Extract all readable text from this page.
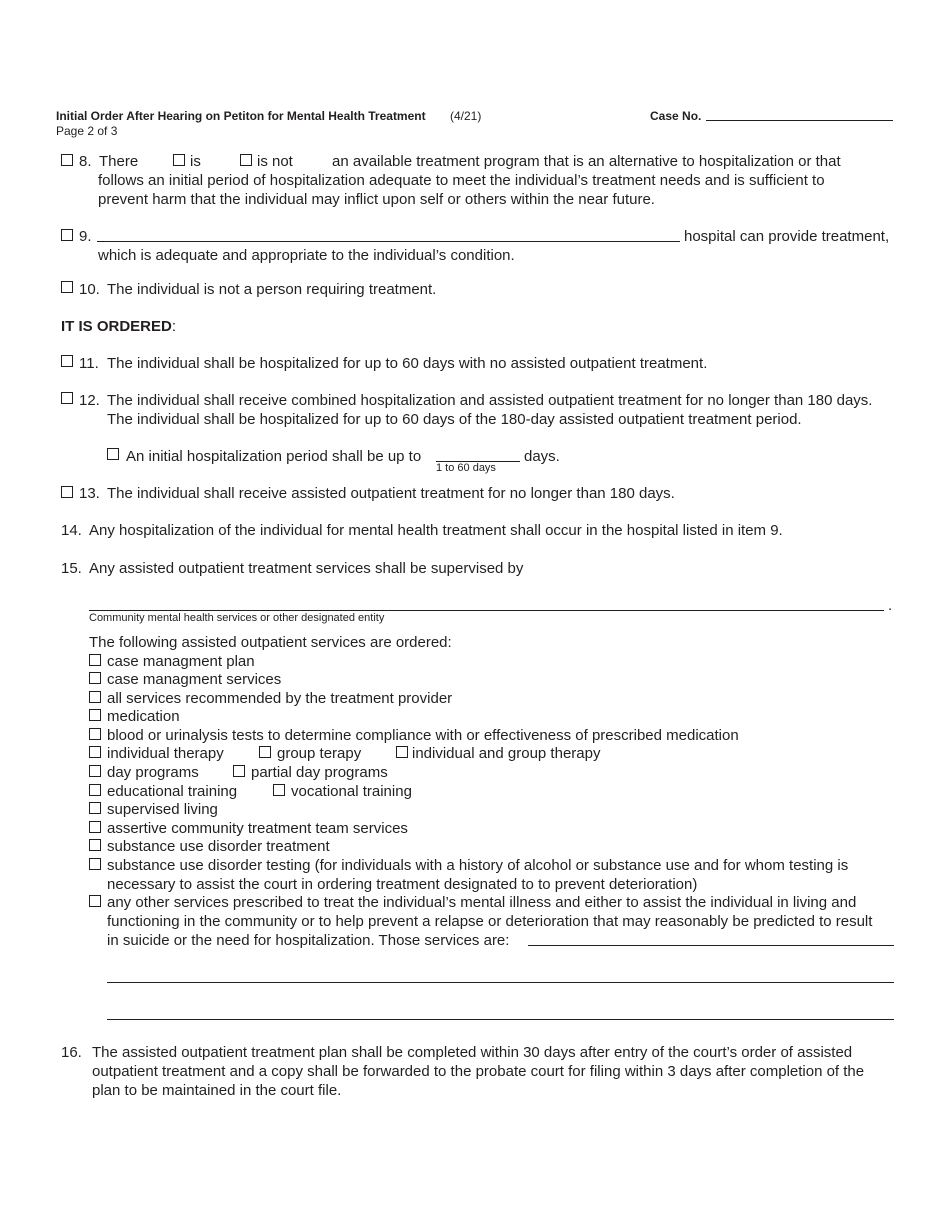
Initial Order After Hearing on Petiton for Mental Health Treatment (4/21)
Page 2 of 3
Case No.
8. There	is	is not	an available treatment program that is an alternative to hospitalization or that
follows an initial period of hospitalization adequate to meet the individual’s treatment needs and is sufficient to
prevent harm that the individual may inflict upon self or others within the near future.
9.	hospital can provide treatment,
which is adequate and appropriate to the individual’s condition.
10. The individual is not a person requiring treatment.
IT IS ORDERED:
11. The individual shall be hospitalized for up to 60 days with no assisted outpatient treatment.
12. The individual shall receive combined hospitalization and assisted outpatient treatment for no longer than 180 days.
The individual shall be hospitalized for up to 60 days of the 180-day assisted outpatient treatment period.
An initial hospitalization period shall be up to
1 to 60 days
days.
13. The individual shall receive assisted outpatient treatment for no longer than 180 days.
14. Any hospitalization of the individual for mental health treatment shall occur in the hospital listed in item 9.
15. Any assisted outpatient treatment services shall be supervised by
.
Community mental health services or other designated entity
The following assisted outpatient services are ordered:
case managment plan
case managment services
all services recommended by the treatment provider
medication
blood or urinalysis tests to determine compliance with or effectiveness of prescribed medication
individual therapy	group terapy	individual and group therapy
day programs	partial day programs
educational training	vocational training
supervised living
assertive community treatment team services
substance use disorder treatment
substance use disorder testing (for individuals with a history of alcohol or substance use and for whom testing is
necessary to assist the court in ordering treatment designated to to prevent deterioration)
any other services prescribed to treat the individual’s mental illness and either to assist the individual in living and
functioning in the community or to help prevent a relapse or deterioration that may reasonably be predicted to result
in suicide or the need for hospitalization. Those services are:
16. The assisted outpatient treatment plan shall be completed within 30 days after entry of the court’s order of assisted
outpatient treatment and a copy shall be forwarded to the probate court for filing within 3 days after completion of the
plan to be maintained in the court file.
